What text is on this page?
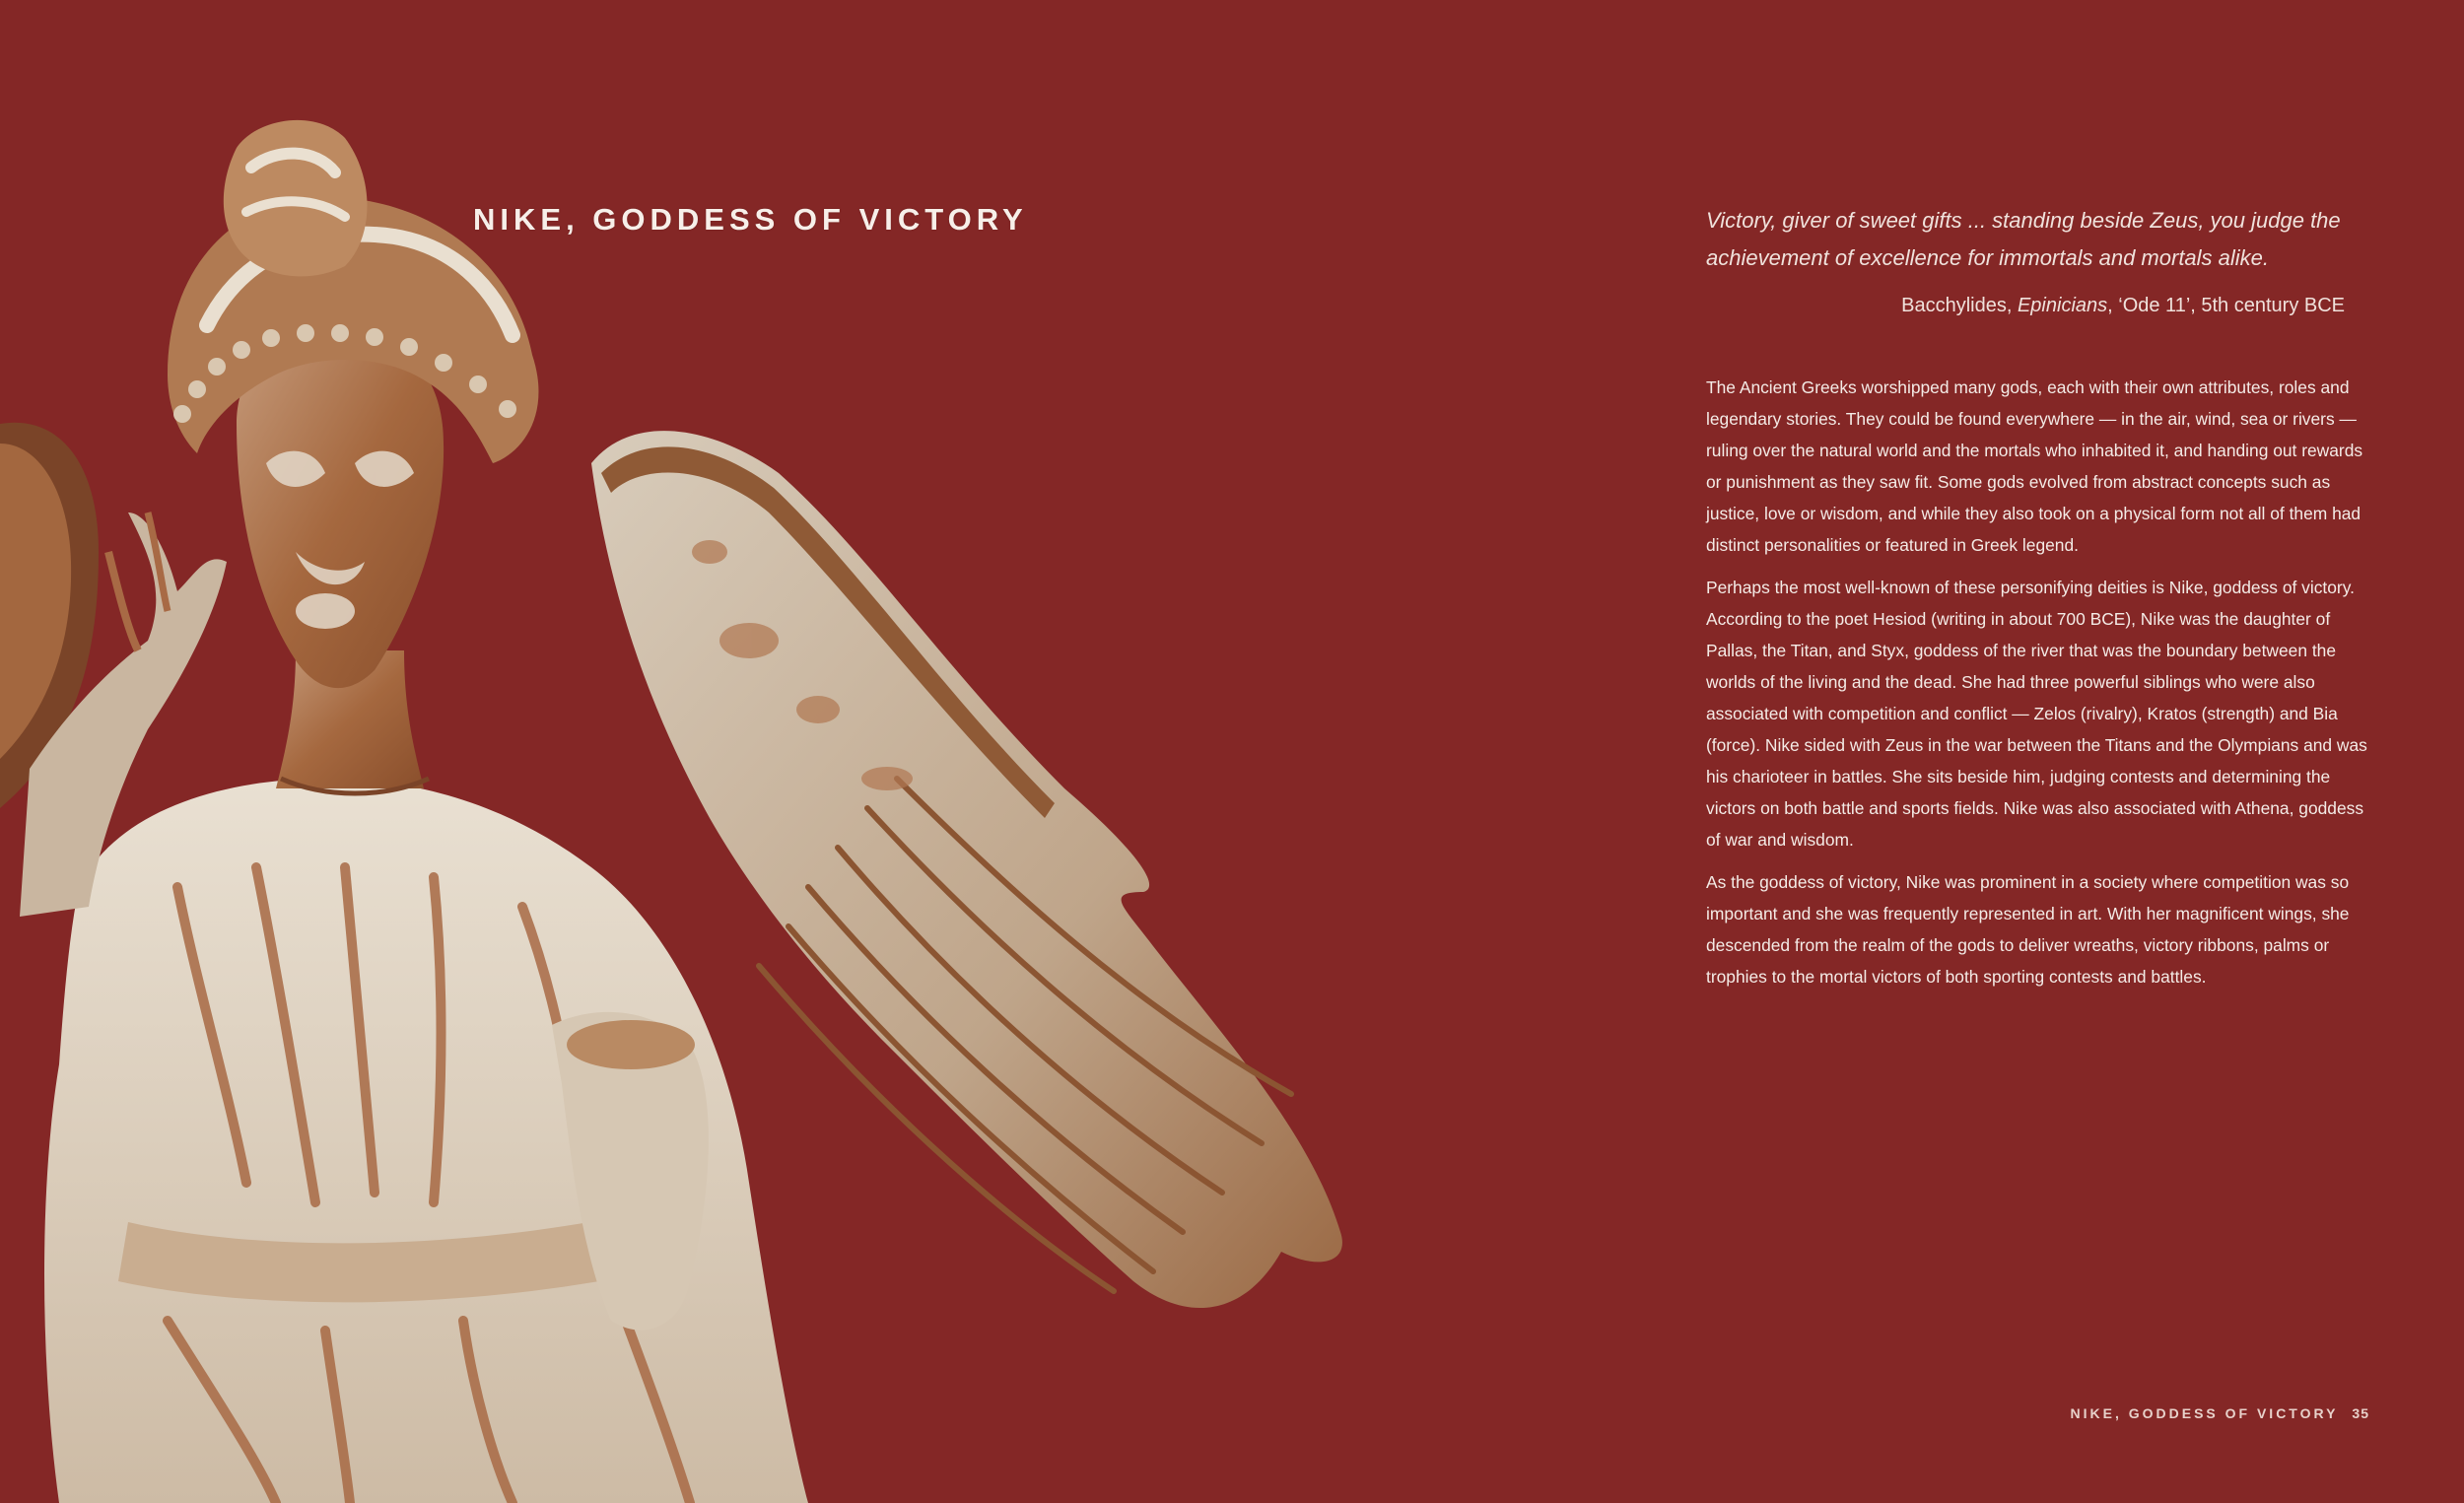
NIKE, GODDESS OF VICTORY	Victory, giver of sweet gifts ... standing beside Zeus, you judge the achievement of excellence for immortals and mortals alike.

Bacchylides, Epinicians, ‘Ode 11’, 5th century BCE

The Ancient Greeks worshipped many gods, each with their own attributes, roles and legendary stories. They could be found everywhere — in the air, wind, sea or rivers — ruling over the natural world and the mortals who inhabited it, and handing out rewards or punishment as they saw fit. Some gods evolved from abstract concepts such as justice, love or wisdom, and while they also took on a physical form not all of them had distinct personalities or featured in Greek legend.

Perhaps the most well-known of these personifying deities is Nike, goddess of victory. According to the poet Hesiod (writing in about 700 BCE), Nike was the daughter of Pallas, the Titan, and Styx, goddess of the river that was the boundary between the worlds of the living and the dead. She had three powerful siblings who were also associated with competition and conflict — Zelos (rivalry), Kratos (strength) and Bia (force). Nike sided with Zeus in the war between the Titans and the Olympians and was his charioteer in battles. She sits beside him, judging contests and determining the victors on both battle and sports fields. Nike was also associated with Athena, goddess of war and wisdom.

As the goddess of victory, Nike was prominent in a society where competition was so important and she was frequently represented in art. With her magnificent wings, she descended from the realm of the gods to deliver wreaths, victory ribbons, palms or trophies to the mortal victors of both sporting contests and battles.

NIKE, GODDESS OF VICTORY 35
